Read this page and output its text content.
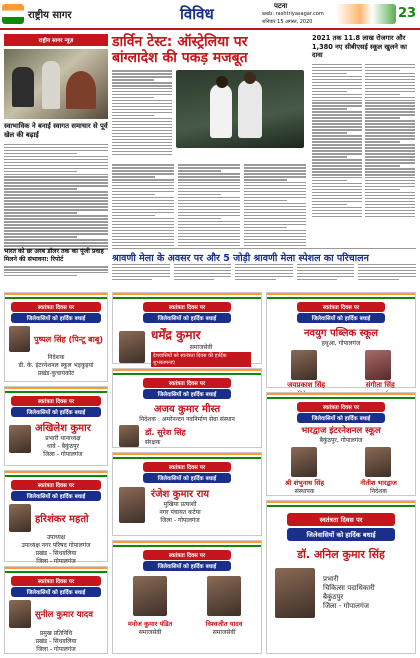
राष्ट्रीय सागर	विविध	पटना
web: rashtriyasagar.com
शनिवार 15 अगस्त, 2020
23
राष्ट्रीय सागर न्यूज़
स्वाभाविक ने बनाई स्वागत समाचार से पूर्व खेल की बढ़ाई
डार्विन टेस्ट: ऑस्ट्रेलिया पर
बांग्लादेश की पकड़ मजबूत
2021 तक 11.8 लाख रोजगार और 1,380 नए सीबीएसई स्कूल खुलने का दावा
श्रावणी मेला के अवसर पर और 5 जोड़ी श्रावणी मेला स्पेशल का परिचालन
भारत को छः अरब डॉलर तक का पूंजी प्रवाह मिलने की संभावना: रिपोर्ट
स्वतंत्रता दिवस पर
जिलेवासियों को हार्दिक बधाई
पुष्पल सिंह (पिन्टू बाबू)
निदेशक
डी. के. इंटरनेशनल स्कूल भड़कुइयां
प्रखंड-कुचायकोट
स्वतंत्रता दिवस पर
जिलेवासियों को हार्दिक बधाई
अखिलेश कुमार
प्रभारी थानाध्यक्ष
थावे - बैकुंठपुर
जिला - गोपालगंज
स्वतंत्रता दिवस पर
जिलेवासियों को हार्दिक बधाई
हरिशंकर महतो
उपाध्यक्ष
उपाध्यक्ष नगर परिषद गोपालगंज
प्रखंड - सिधवलिया
जिला - गोपालगंज
स्वतंत्रता दिवस पर
जिलेवासियों को हार्दिक बधाई
सुनील कुमार यादव
प्रमुख प्रतिनिधि
प्रखंड - सिधवलिया
जिला - गोपालगंज
स्वतंत्रता दिवस पर
जिलेवासियों को हार्दिक बधाई
धर्मेंद्र कुमार
समाजसेवी
देशवासियों को स्वतंत्रता दिवस की हार्दिक शुभकामनाएं
स्वतंत्रता दिवस पर
जिलेवासियों को हार्दिक बधाई
अजय कुमार मीस्त
निदेशक : अमरेनन्दन नवनिर्माण सेवा संस्थान
डॉ. सुरेश सिंह
संरक्षक
स्वतंत्रता दिवस पर
जिलेवासियों को हार्दिक बधाई
रंजेश कुमार राय
मुखिया प्रत्याशी
नगर पंचायत कटेया
जिला - गोपालगंज
स्वतंत्रता दिवस पर
जिलेवासियों को हार्दिक बधाई
मनोज कुमार पंडित
समाजसेवी
विश्वजीत यादव
समाजसेवी
स्वतंत्रता दिवस पर
जिलेवासियों को हार्दिक बधाई
नवयुग पब्लिक स्कूल
हथुआ, गोपालगंज
जयप्रकाश सिंह	संगीता सिंह
स्वतंत्रता दिवस पर
जिलेवासियों को हार्दिक बधाई
भारद्वाज इंटरनेशनल स्कूल
बैकुंठपुर, गोपालगंज
श्री शंभुनाथ सिंह
संस्थापक
नीतीश भारद्वाज
निदेशक
स्वतंत्रता दिवस पर
जिलेवासियों को हार्दिक बधाई
डॉ. अनिल कुमार सिंह
प्रभारी
चिकित्सा पदाधिकारी
बैकुंठपुर
जिला - गोपालगंज
